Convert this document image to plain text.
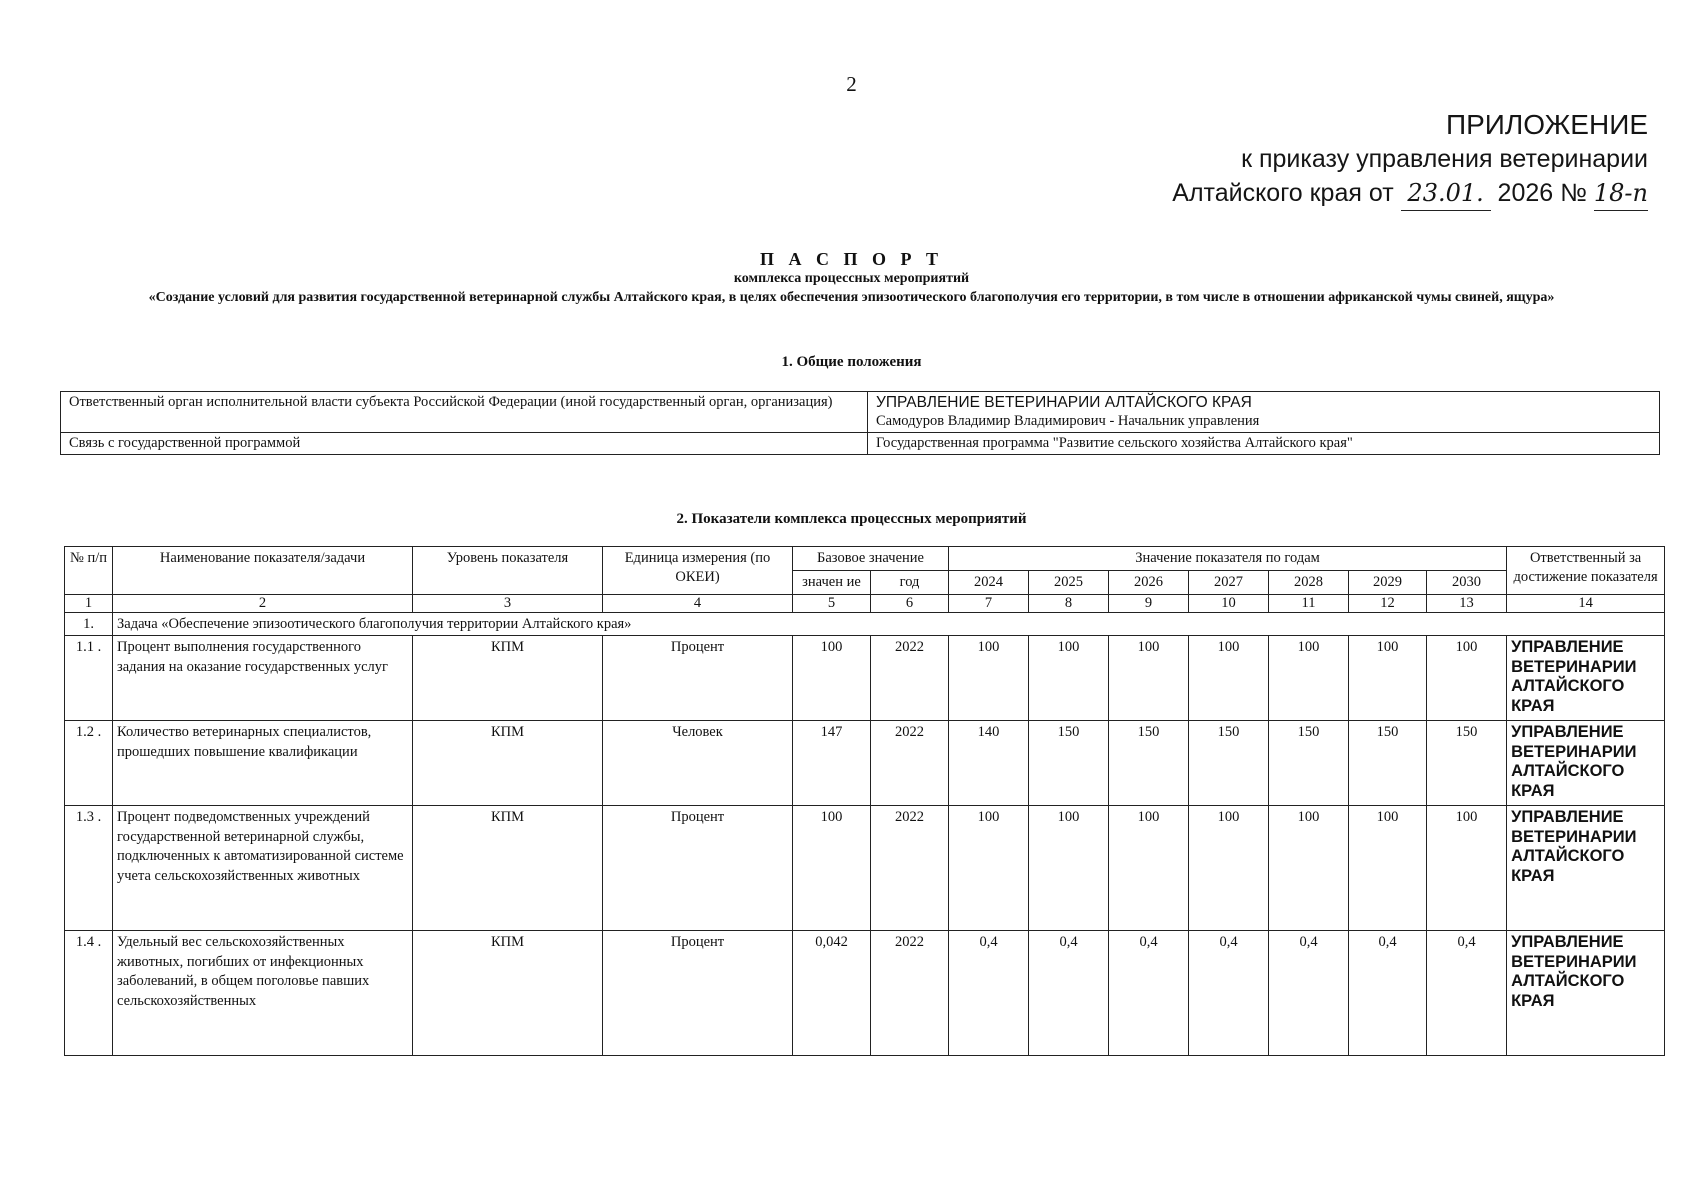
2
ПРИЛОЖЕНИЕ
к приказу управления ветеринарии
Алтайского края от 23.01. 2026 № 18-п
П А С П О Р Т
комплекса процессных мероприятий
«Создание условий для развития государственной ветеринарной службы Алтайского края, в целях обеспечения эпизоотического благополучия его территории, в том числе в отношении африканской чумы свиней, ящура»
1. Общие положения
Ответственный орган исполнительной власти субъекта Российской Федерации (иной государственный орган, организация)	УПРАВЛЕНИЕ ВЕТЕРИНАРИИ АЛТАЙСКОГО КРАЯ
Самодуров Владимир Владимирович - Начальник управления

Связь с государственной программой	Государственная программа "Развитие сельского хозяйства Алтайского края"
2. Показатели комплекса процессных мероприятий
№ п/п	Наименование показателя/задачи	Уровень показателя	Единица измерения (по ОКЕИ)	Базовое значение		Значение показателя по годам							Ответственный за достижение показателя
				значен ие	год	2024	2025	2026	2027	2028	2029	2030	
1	2	3	4	5	6	7	8	9	10	11	12	13	14
1.	Задача «Обеспечение эпизоотического благополучия территории Алтайского края»												
1.1 .	Процент выполнения государственного задания на оказание государственных услуг	КПМ	Процент	100	2022	100	100	100	100	100	100	100	УПРАВЛЕНИЕ ВЕТЕРИНАРИИ АЛТАЙСКОГО КРАЯ
1.2 .	Количество ветеринарных специалистов, прошедших повышение квалификации	КПМ	Человек	147	2022	140	150	150	150	150	150	150	УПРАВЛЕНИЕ ВЕТЕРИНАРИИ АЛТАЙСКОГО КРАЯ
1.3 .	Процент подведомственных учреждений государственной ветеринарной службы, подключенных к автоматизированной системе учета сельскохозяйственных животных	КПМ	Процент	100	2022	100	100	100	100	100	100	100	УПРАВЛЕНИЕ ВЕТЕРИНАРИИ АЛТАЙСКОГО КРАЯ
1.4 .	Удельный вес сельскохозяйственных животных, погибших от инфекционных заболеваний, в общем поголовье павших сельскохозяйственных	КПМ	Процент	0,042	2022	0,4	0,4	0,4	0,4	0,4	0,4	0,4	УПРАВЛЕНИЕ ВЕТЕРИНАРИИ АЛТАЙСКОГО КРАЯ
